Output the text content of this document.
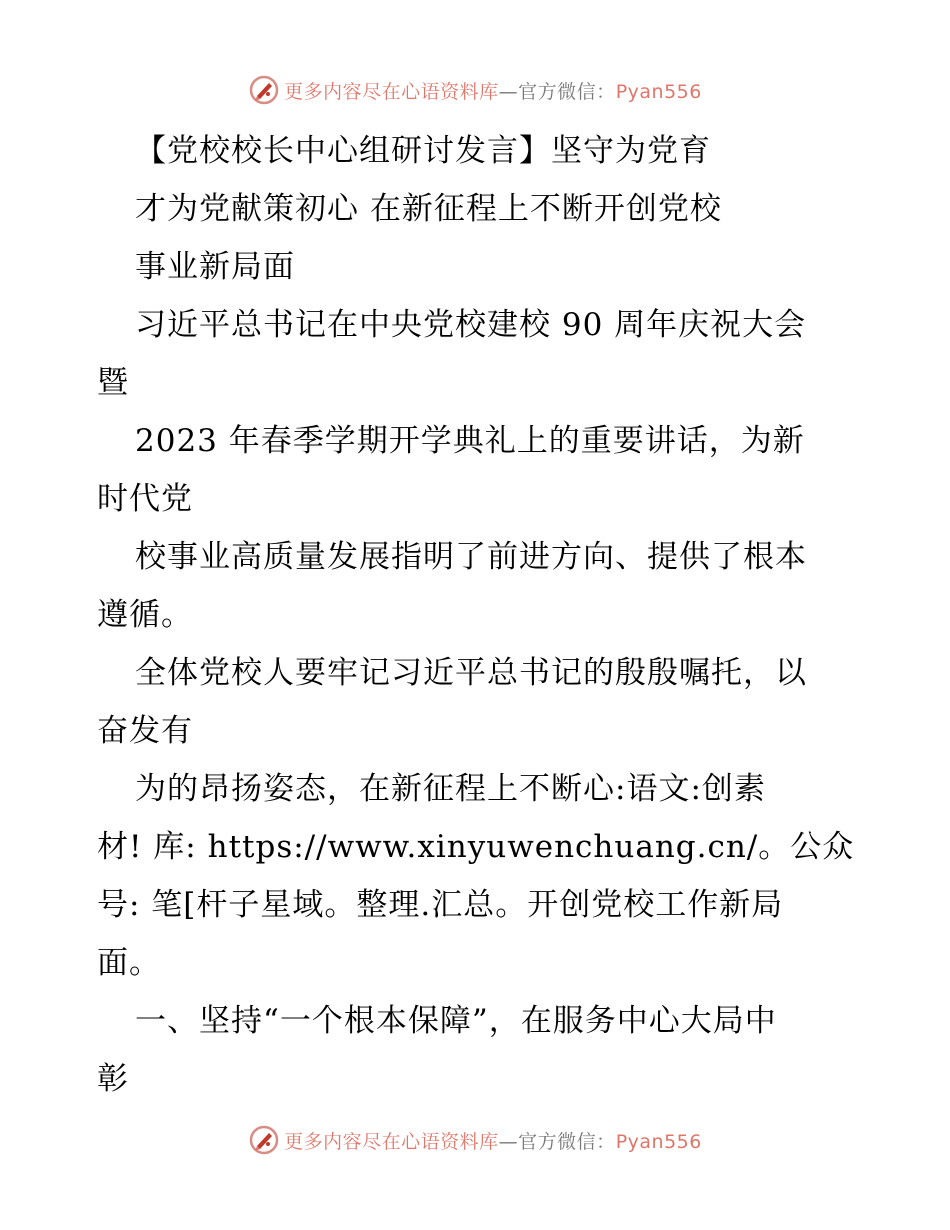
更多内容尽在心语资料库—官方微信：Pyan556
【党校校长中心组研讨发言】坚守为党育
才为党献策初心 在新征程上不断开创党校
事业新局面
习近平总书记在中央党校建校 90 周年庆祝大会
暨
2023 年春季学期开学典礼上的重要讲话，为新
时代党
校事业高质量发展指明了前进方向、提供了根本
遵循。
全体党校人要牢记习近平总书记的殷殷嘱托，以
奋发有
为的昂扬姿态，在新征程上不断心:语文:创素
材! 库: https://www.xinyuwenchuang.cn/。公众
号: 笔[杆子星域。整理.汇总。开创党校工作新局
面。
一、坚持“一个根本保障”，在服务中心大局中
彰
更多内容尽在心语资料库—官方微信：Pyan556
